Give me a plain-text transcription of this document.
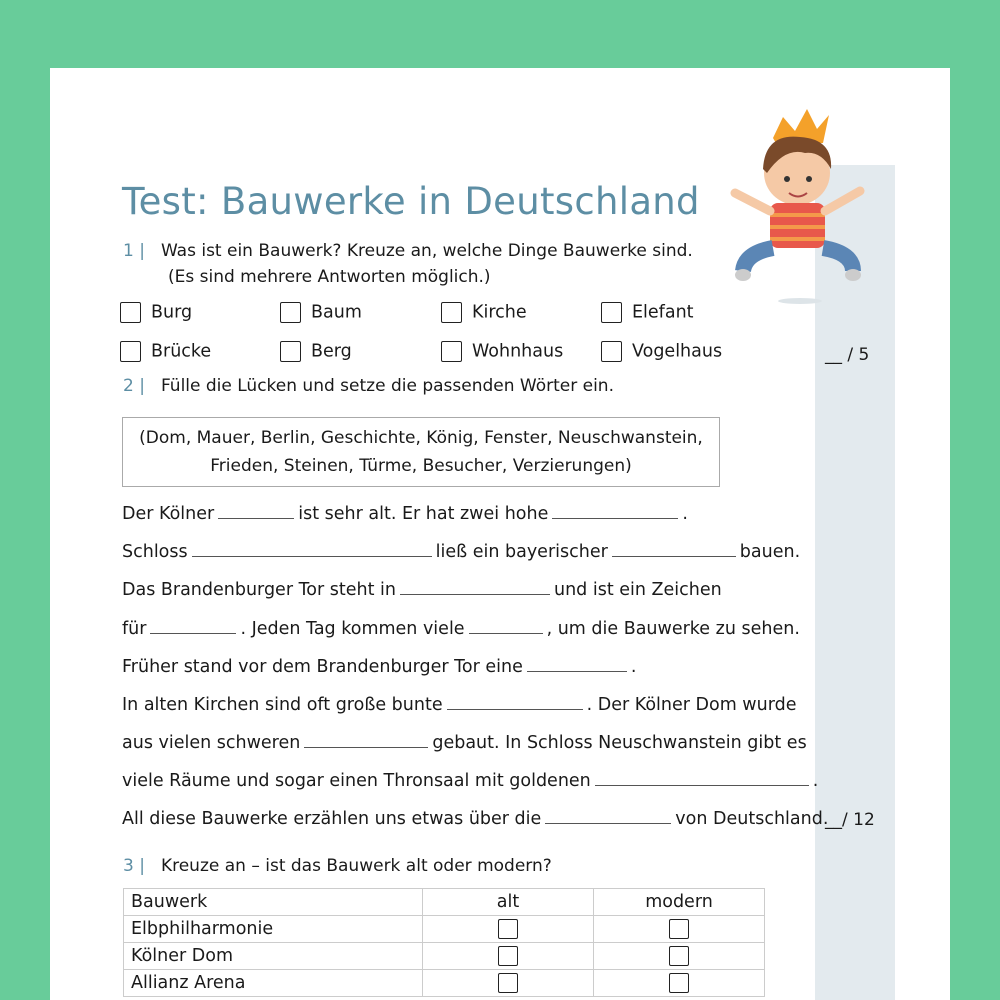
Test: Bauwerke in Deutschland
1 | Was ist ein Bauwerk? Kreuze an, welche Dinge Bauwerke sind.
(Es sind mehrere Antworten möglich.)
Burg	Baum	Kirche	Elefant
Brücke	Berg	Wohnhaus	Vogelhaus	__ / 5
2 | Fülle die Lücken und setze die passenden Wörter ein.
(Dom, Mauer, Berlin, Geschichte, König, Fenster, Neuschwanstein, Frieden, Steinen, Türme, Besucher, Verzierungen)
Der Kölner	ist sehr alt. Er hat zwei hohe	.
Schloss	ließ ein bayerischer	bauen.
Das Brandenburger Tor steht in	und ist ein Zeichen
für	. Jeden Tag kommen viele	, um die Bauwerke zu sehen.
Früher stand vor dem Brandenburger Tor eine	.
In alten Kirchen sind oft große bunte	. Der Kölner Dom wurde
aus vielen schweren	gebaut. In Schloss Neuschwanstein gibt es
viele Räume und sogar einen Thronsaal mit goldenen	.
All diese Bauwerke erzählen uns etwas über die	von Deutschland.
__/ 12
3 | Kreuze an – ist das Bauwerk alt oder modern?
Bauwerk	alt	modern
Elbphilharmonie		
Kölner Dom		
Allianz Arena		
